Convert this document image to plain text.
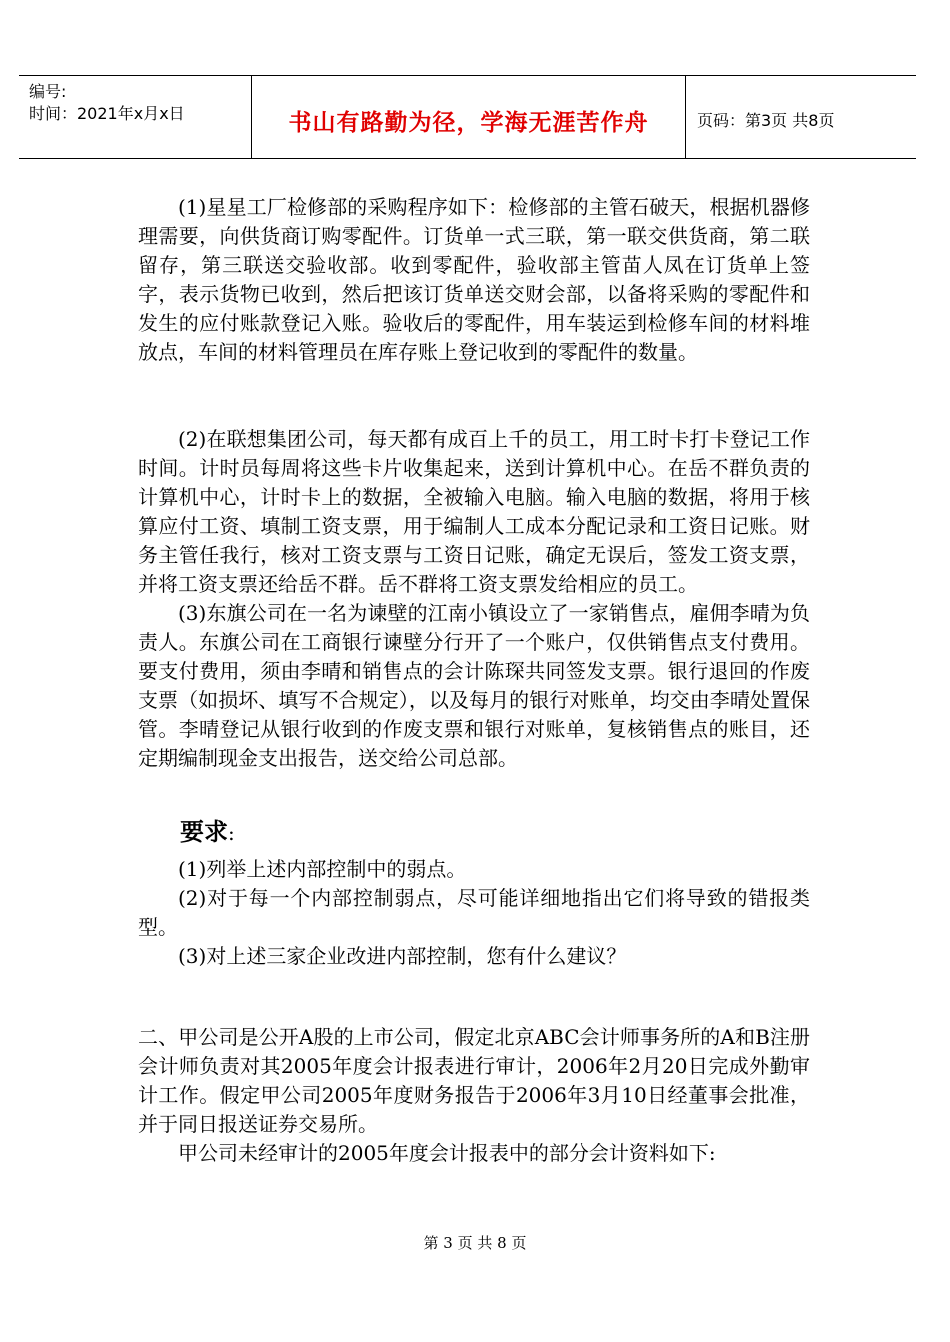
编号:
时间：2021年x月x日	书山有路勤为径，学海无涯苦作舟	页码：第3页 共8页

(1)星星工厂检修部的采购程序如下：检修部的主管石破天，根据机器修理需要，向供货商订购零配件。订货单一式三联，第一联交供货商，第二联留存，第三联送交验收部。收到零配件，验收部主管苗人凤在订货单上签字，表示货物已收到，然后把该订货单送交财会部，以备将采购的零配件和发生的应付账款登记入账。验收后的零配件，用车装运到检修车间的材料堆放点，车间的材料管理员在库存账上登记收到的零配件的数量。

(2)在联想集团公司，每天都有成百上千的员工，用工时卡打卡登记工作时间。计时员每周将这些卡片收集起来，送到计算机中心。在岳不群负责的计算机中心，计时卡上的数据，全被输入电脑。输入电脑的数据，将用于核算应付工资、填制工资支票，用于编制人工成本分配记录和工资日记账。财务主管任我行，核对工资支票与工资日记账，确定无误后，签发工资支票，并将工资支票还给岳不群。岳不群将工资支票发给相应的员工。

(3)东旗公司在一名为谏壁的江南小镇设立了一家销售点，雇佣李晴为负责人。东旗公司在工商银行谏壁分行开了一个账户，仅供销售点支付费用。要支付费用，须由李晴和销售点的会计陈琛共同签发支票。银行退回的作废支票（如损坏、填写不合规定），以及每月的银行对账单，均交由李晴处置保管。李晴登记从银行收到的作废支票和银行对账单，复核销售点的账目，还定期编制现金支出报告，送交给公司总部。

要求:

(1)列举上述内部控制中的弱点。

(2)对于每一个内部控制弱点，尽可能详细地指出它们将导致的错报类型。

(3)对上述三家企业改进内部控制，您有什么建议？

二、甲公司是公开A股的上市公司，假定北京ABC会计师事务所的A和B注册会计师负责对其2005年度会计报表进行审计，2006年2月20日完成外勤审计工作。假定甲公司2005年度财务报告于2006年3月10日经董事会批准，并于同日报送证券交易所。

甲公司未经审计的2005年度会计报表中的部分会计资料如下:

第 3 页 共 8 页
